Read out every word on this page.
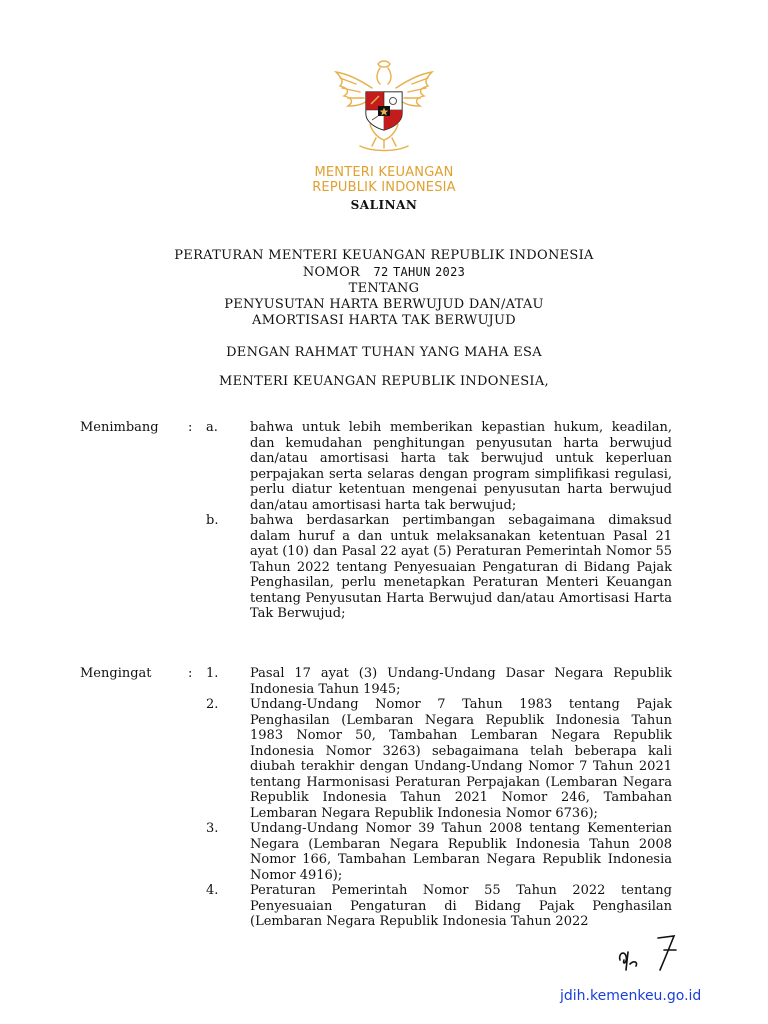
MENTERI KEUANGAN
REPUBLIK INDONESIA
SALINAN
PERATURAN MENTERI KEUANGAN REPUBLIK INDONESIA
NOMOR 72 TAHUN 2023
TENTANG
PENYUSUTAN HARTA BERWUJUD DAN/ATAU
AMORTISASI HARTA TAK BERWUJUD
DENGAN RAHMAT TUHAN YANG MAHA ESA
MENTERI KEUANGAN REPUBLIK INDONESIA,
Menimbang	: a. bahwa untuk lebih memberikan kepastian hukum, keadilan, dan kemudahan penghitungan penyusutan harta berwujud dan/atau amortisasi harta tak berwujud untuk keperluan perpajakan serta selaras dengan program simplifikasi regulasi, perlu diatur ketentuan mengenai penyusutan harta berwujud dan/atau amortisasi harta tak berwujud;
b. bahwa berdasarkan pertimbangan sebagaimana dimaksud dalam huruf a dan untuk melaksanakan ketentuan Pasal 21 ayat (10) dan Pasal 22 ayat (5) Peraturan Pemerintah Nomor 55 Tahun 2022 tentang Penyesuaian Pengaturan di Bidang Pajak Penghasilan, perlu menetapkan Peraturan Menteri Keuangan tentang Penyusutan Harta Berwujud dan/atau Amortisasi Harta Tak Berwujud;
Mengingat	: 1. Pasal 17 ayat (3) Undang-Undang Dasar Negara Republik Indonesia Tahun 1945;
2. Undang-Undang Nomor 7 Tahun 1983 tentang Pajak Penghasilan (Lembaran Negara Republik Indonesia Tahun 1983 Nomor 50, Tambahan Lembaran Negara Republik Indonesia Nomor 3263) sebagaimana telah beberapa kali diubah terakhir dengan Undang-Undang Nomor 7 Tahun 2021 tentang Harmonisasi Peraturan Perpajakan (Lembaran Negara Republik Indonesia Tahun 2021 Nomor 246, Tambahan Lembaran Negara Republik Indonesia Nomor 6736);
3. Undang-Undang Nomor 39 Tahun 2008 tentang Kementerian Negara (Lembaran Negara Republik Indonesia Tahun 2008 Nomor 166, Tambahan Lembaran Negara Republik Indonesia Nomor 4916);
4. Peraturan Pemerintah Nomor 55 Tahun 2022 tentang Penyesuaian Pengaturan di Bidang Pajak Penghasilan (Lembaran Negara Republik Indonesia Tahun 2022
jdih.kemenkeu.go.id
